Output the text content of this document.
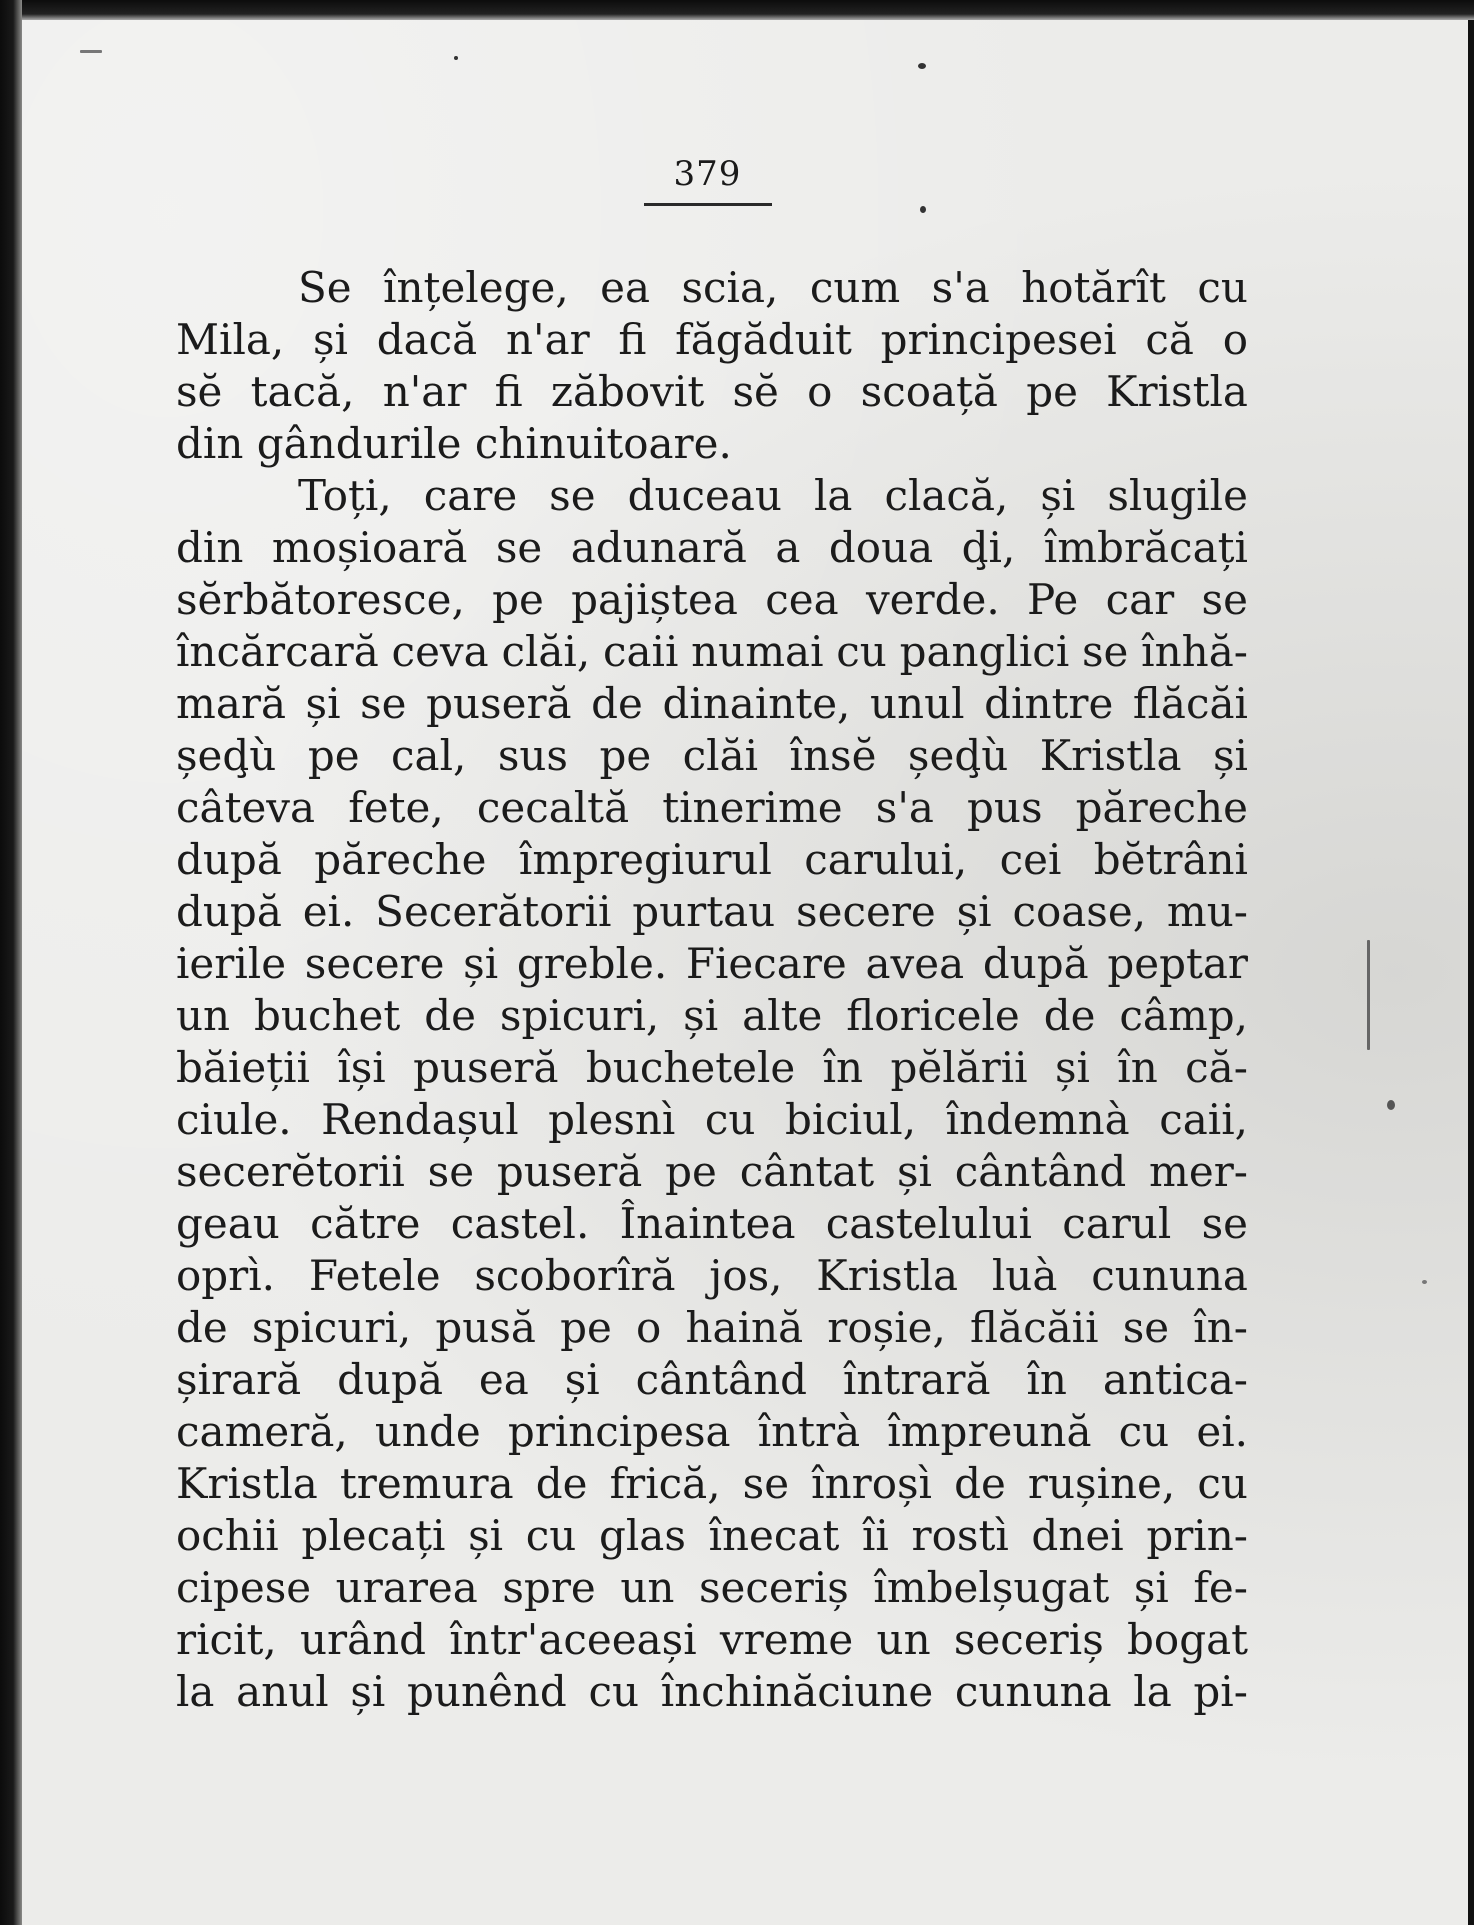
379
Se înțelege, ea scia, cum s'a hotărît cu
Mila, și dacă n'ar fi făgăduit principesei că o
sĕ tacă, n'ar fi zăbovit sĕ o scoață pe Kristla
din
gândurile
chinuitoare.
Toți, care se duceau la clacă, și slugile
din moșioară se adunară a doua ḑi, îmbrăcați
sĕrbătoresce, pe pajiștea cea verde. Pe car se
încărcară ceva clăi, caii numai cu panglici se înhă-
mară și se puseră de dinainte, unul dintre flăcăi
șeḑù pe cal, sus pe clăi însĕ șeḑù Kristla și
câteva fete, cecaltă tinerime s'a pus păreche
după păreche împregiurul carului, cei bĕtrâni
după ei. Secerătorii purtau secere și coase, mu-
ierile secere și greble. Fiecare avea după peptar
un buchet de spicuri, și alte floricele de câmp,
băieții își puseră buchetele în pĕlării și în că-
ciule. Rendașul plesnì cu biciul, îndemnà caii,
secerĕtorii se puseră pe cântat și cântând mer-
geau către castel. Înaintea castelului carul se
oprì. Fetele scoborîră jos, Kristla luà cununa
de spicuri, pusă pe o haină roșie, flăcăii se în-
șirară după ea și cântând întrară în antica-
cameră, unde principesa întrà împreună cu ei.
Kristla tremura de frică, se înroșì de rușine, cu
ochii plecați și cu glas înecat îi rostì dnei prin-
cipese urarea spre un seceriș îmbelșugat și fe-
ricit, urând într'aceeași vreme un seceriș bogat
la anul și punênd cu închinăciune cununa la pi-
